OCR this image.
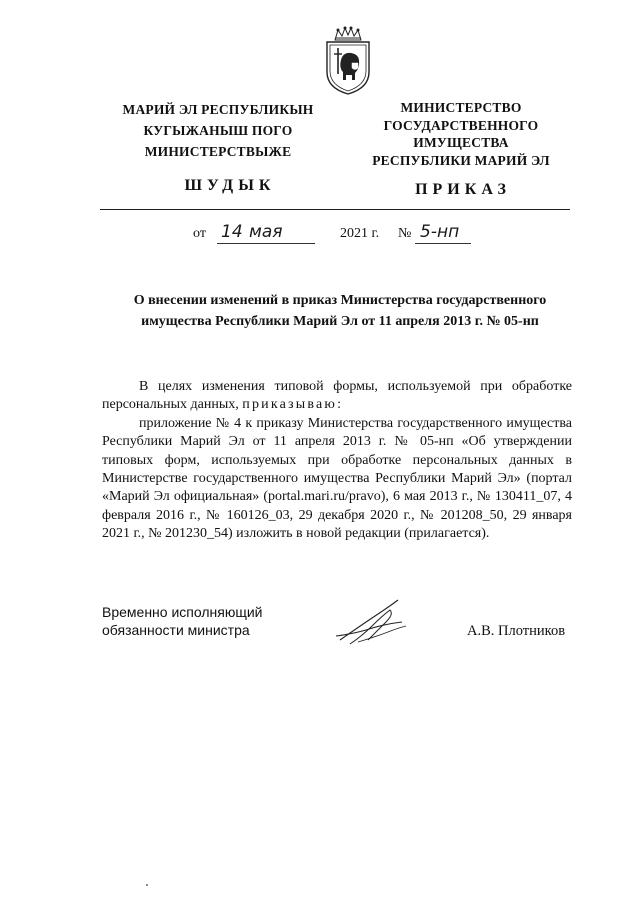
МАРИЙ ЭЛ РЕСПУБЛИКЫН
КУГЫЖАНЫШ ПОГО
МИНИСТЕРСТВЫЖЕ
МИНИСТЕРСТВО
ГОСУДАРСТВЕННОГО
ИМУЩЕСТВА
РЕСПУБЛИКИ МАРИЙ ЭЛ
ШУДЫК	ПРИКАЗ
от 14 мая	2021 г. № 5-нп
О внесении изменений в приказ Министерства государственного имущества Республики Марий Эл от 11 апреля 2013 г. № 05-нп

В целях изменения типовой формы, используемой при обработке персональных данных, приказываю:

приложение № 4 к приказу Министерства государственного имущества Республики Марий Эл от 11 апреля 2013 г. № 05-нп «Об утверждении типовых форм, используемых при обработке персональных данных в Министерстве государственного имущества Республики Марий Эл» (портал «Марий Эл официальная» (portal.mari.ru/pravo), 6 мая 2013 г., № 130411_07, 4 февраля 2016 г., № 160126_03, 29 декабря 2020 г., № 201208_50, 29 января 2021 г., № 201230_54) изложить в новой редакции (прилагается).

Временно исполняющий
обязанности министра	А.В. Плотников
